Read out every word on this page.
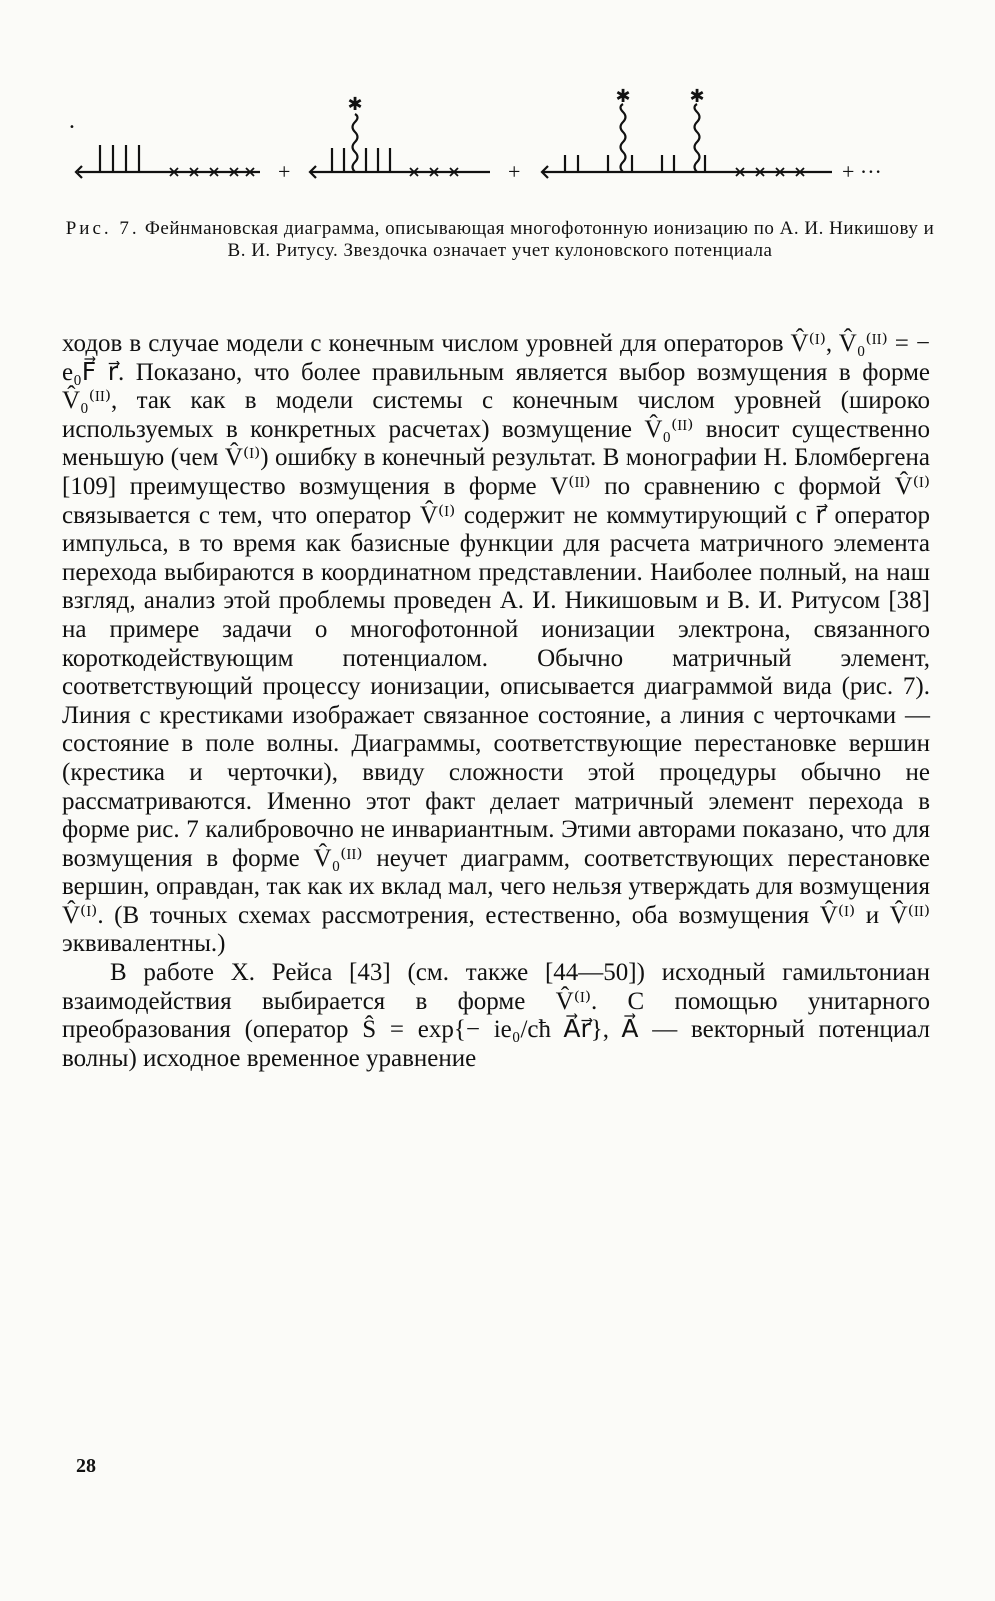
✱	✱	✱
•
+	+	+ ···
Рис. 7. Фейнмановская диаграмма, описывающая многофотонную ионизацию по А. И. Никишову и В. И. Ритусу. Звездочка означает учет кулоновского потенциала

ходов в случае модели с конечным числом уровней для операторов V̂⁽ᴵ⁾, V̂₀⁽ᴵᴵ⁾ = − e₀F⃗ r⃗. Показано, что более правильным является выбор возмущения в форме V̂₀⁽ᴵᴵ⁾, так как в модели системы с конечным числом уровней (широко используемых в конкретных расчетах) возмущение V̂₀⁽ᴵᴵ⁾ вносит существенно меньшую (чем V̂⁽ᴵ⁾) ошибку в конечный результат. В монографии Н. Бломбергена [109] преимущество возмущения в форме V⁽ᴵᴵ⁾ по сравнению с формой V̂⁽ᴵ⁾ связывается с тем, что оператор V̂⁽ᴵ⁾ содержит не коммутирующий с r⃗ оператор импульса, в то время как базисные функции для расчета матричного элемента перехода выбираются в координатном представлении. Наиболее полный, на наш взгляд, анализ этой проблемы проведен А. И. Никишовым и В. И. Ритусом [38] на примере задачи о многофотонной ионизации электрона, связанного короткодействующим потенциалом. Обычно матричный элемент, соответствующий процессу ионизации, описывается диаграммой вида (рис. 7). Линия с крестиками изображает связанное состояние, а линия с черточками — состояние в поле волны. Диаграммы, соответствующие перестановке вершин (крестика и черточки), ввиду сложности этой процедуры обычно не рассматриваются. Именно этот факт делает матричный элемент перехода в форме рис. 7 калибровочно не инвариантным. Этими авторами показано, что для возмущения в форме V̂₀⁽ᴵᴵ⁾ неучет диаграмм, соответствующих перестановке вершин, оправдан, так как их вклад мал, чего нельзя утверждать для возмущения V̂⁽ᴵ⁾. (В точных схемах рассмотрения, естественно, оба возмущения V̂⁽ᴵ⁾ и V̂⁽ᴵᴵ⁾ эквивалентны.)

В работе Х. Рейса [43] (см. также [44—50]) исходный гамильтониан взаимодействия выбирается в форме V̂⁽ᴵ⁾. С помощью унитарного преобразования (оператор Ŝ = exp{− ie₀/cħ A⃗r⃗}, A⃗ — векторный потенциал волны) исходное временное уравнение

28
